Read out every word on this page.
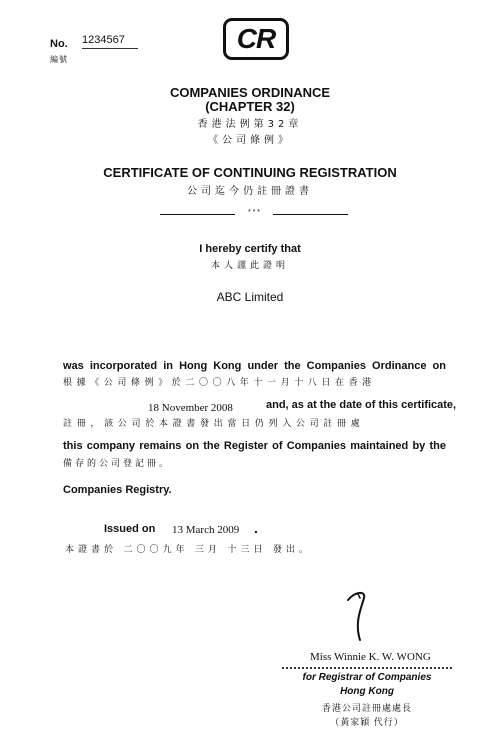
No. 1234567
編號
CR
COMPANIES ORDINANCE
(CHAPTER 32)
香港法例第32章
《公司條例》
CERTIFICATE OF CONTINUING REGISTRATION
公司迄今仍註冊證書
* * *
I hereby certify that
本人謹此證明
ABC Limited
was incorporated in Hong Kong under the Companies Ordinance on
根據《公司條例》於二〇〇八年十一月十八日在香港
18 November 2008	and, as at the date of this certificate,
註冊，該公司於本證書發出當日仍列入公司註冊處
this company remains on the Register of Companies maintained by the
備存的公司登記冊。
Companies Registry.
Issued on 13 March 2009 .
本證書於 二〇〇九年 三月 十三日 發出。
Miss Winnie K. W. WONG
for Registrar of Companies
Hong Kong
香港公司註冊處處長
（黃家穎 代行）
